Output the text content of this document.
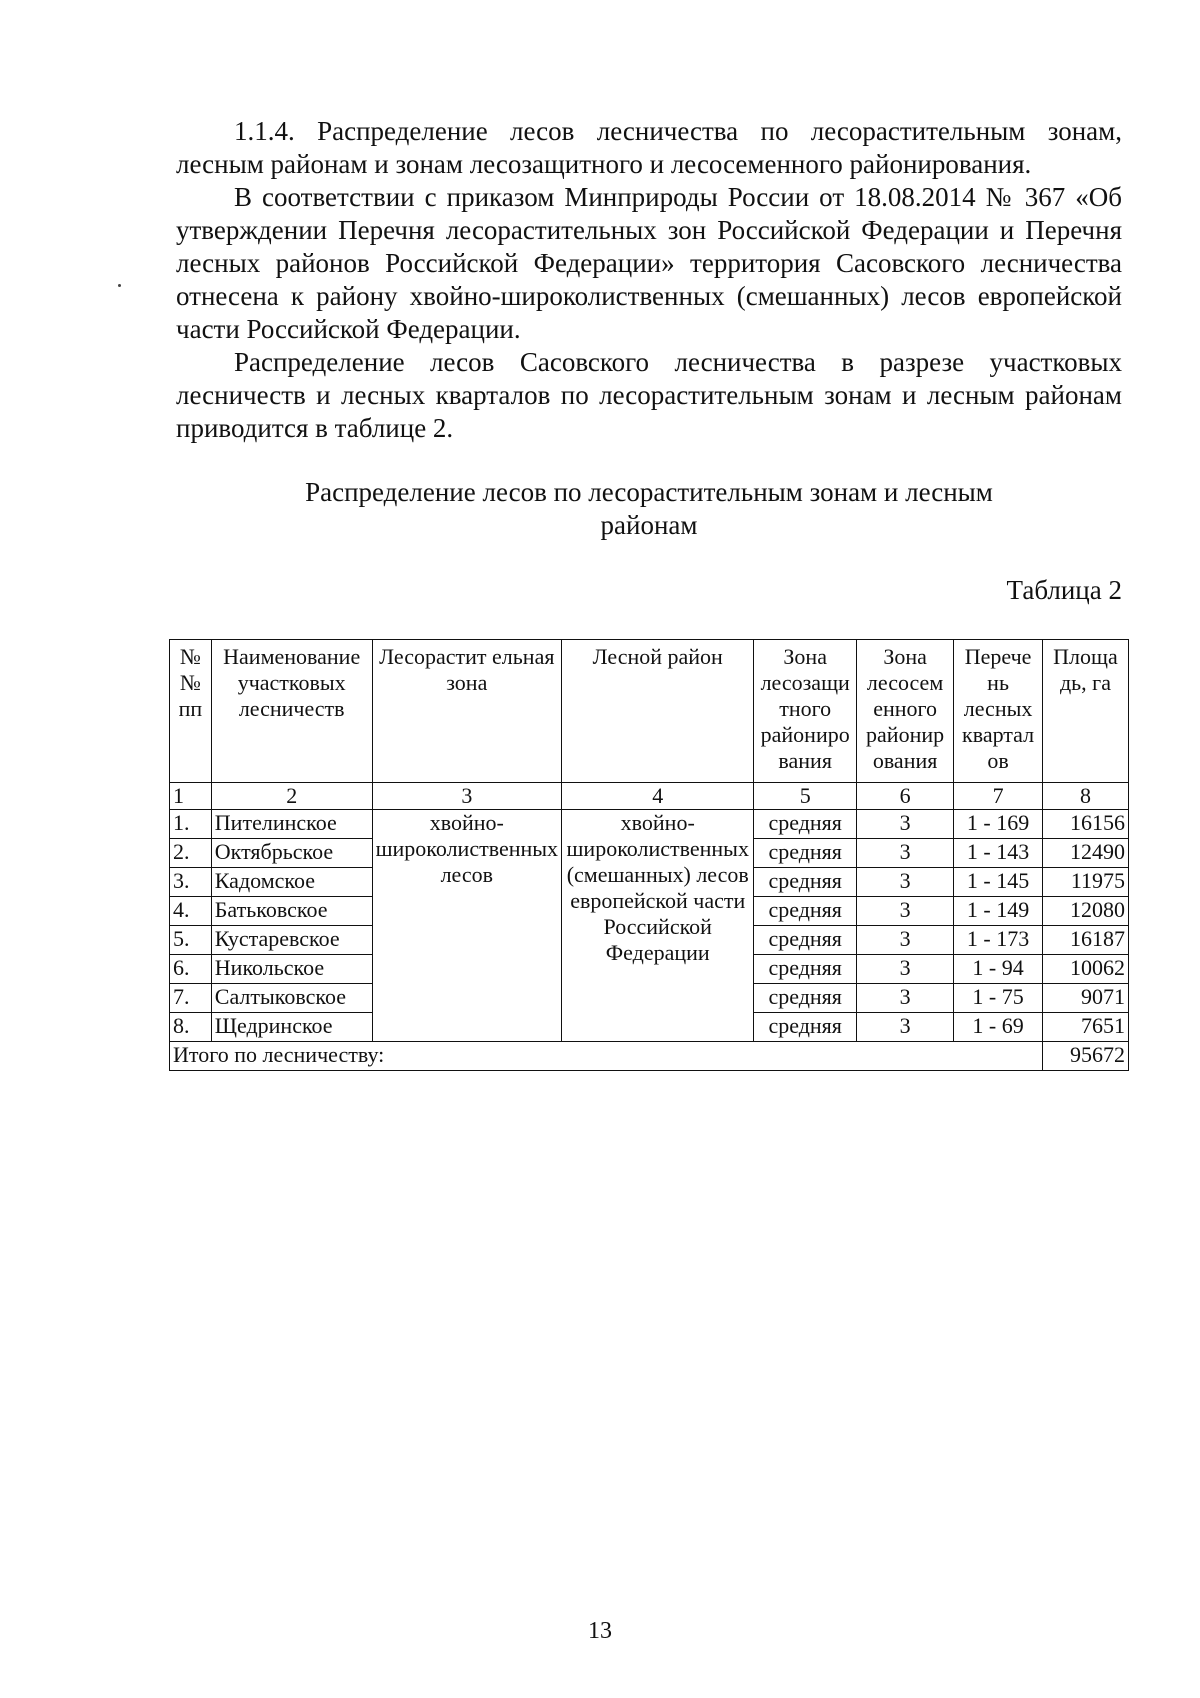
1.1.4. Распределение лесов лесничества по лесорастительным зонам, лесным районам и зонам лесозащитного и лесосеменного районирования.

В соответствии с приказом Минприроды России от 18.08.2014 № 367 «Об утверждении Перечня лесорастительных зон Российской Федерации и Перечня лесных районов Российской Федерации» территория Сасовского лесничества отнесена к району хвойно-широколиственных (смешанных) лесов европейской части Российской Федерации.

Распределение лесов Сасовского лесничества в разрезе участковых лесничеств и лесных кварталов по лесорастительным зонам и лесным районам приводится в таблице 2.

Распределение лесов по лесорастительным зонам и лесным
районам
Таблица 2
№ № пп	Наименование участковых лесничеств	Лесорастит ельная зона	Лесной район	Зона лесозащи тного райониро вания	Зона лесосем енного районир ования	Перече нь лесных квартал ов	Площа дь, га
1	2	3	4	5	6	7	8
1.	Пителинское	хвойно-широколиственных лесов	хвойно-широколиственных (смешанных) лесов европейской части Российской Федерации	средняя	3	1 - 169	16156
2.	Октябрьское			средняя	3	1 - 143	12490
3.	Кадомское			средняя	3	1 - 145	11975
4.	Батьковское			средняя	3	1 - 149	12080
5.	Кустаревское			средняя	3	1 - 173	16187
6.	Никольское			средняя	3	1 - 94	10062
7.	Салтыковское			средняя	3	1 - 75	9071
8.	Щедринское			средняя	3	1 - 69	7651
Итого по лесничеству:							95672
13
